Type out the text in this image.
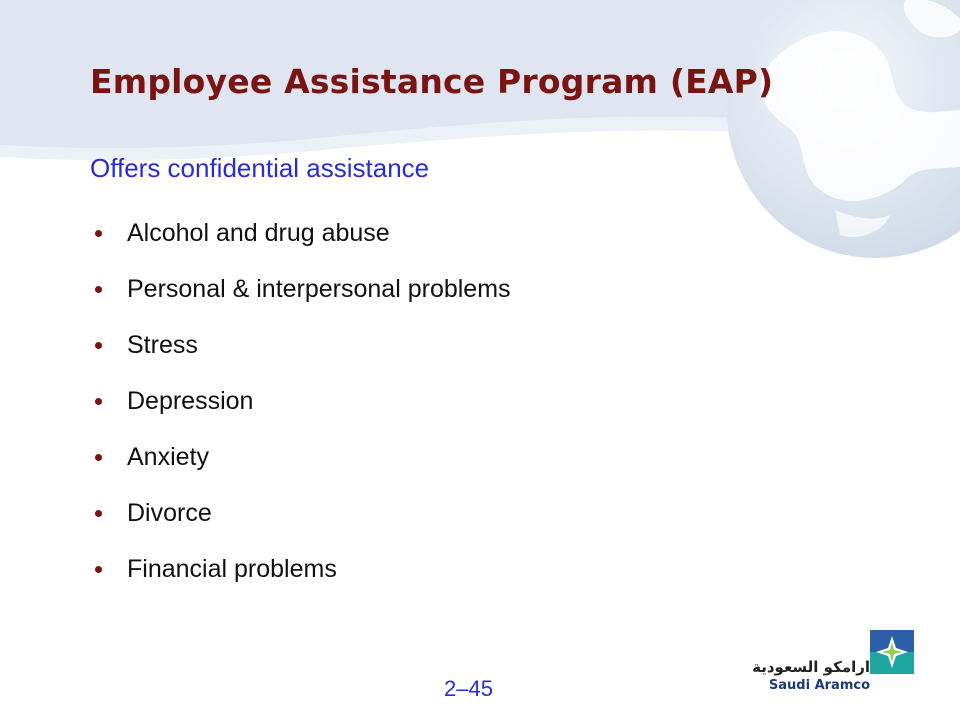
Employee Assistance Program (EAP)

Offers confidential assistance

Alcohol and drug abuse
Personal & interpersonal problems
Stress
Depression
Anxiety
Divorce
Financial problems
2–45
ارامكو السعودية
Saudi Aramco
